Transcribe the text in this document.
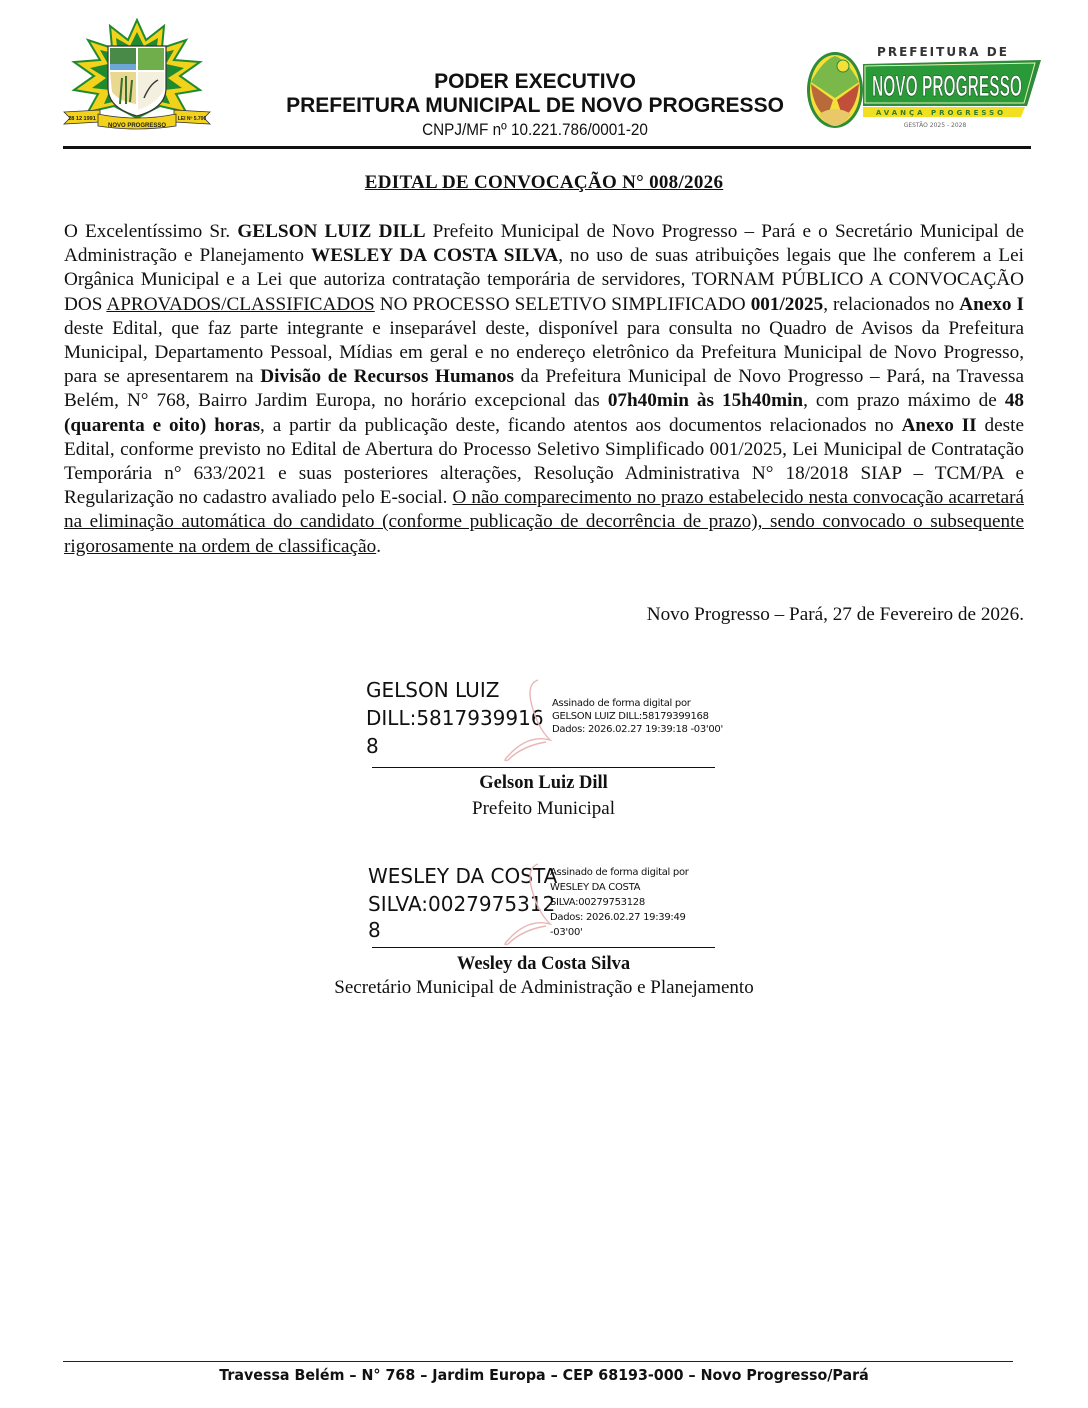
28 12 1991
NOVO PROGRESSO
LEI Nº 5.700
PODER EXECUTIVO
PREFEITURA MUNICIPAL DE NOVO PROGRESSO
CNPJ/MF nº 10.221.786/0001-20
PREFEITURA DE
NOVO PROGRESSO
AVANÇA PROGRESSO
GESTÃO 2025 - 2028
EDITAL DE CONVOCAÇÃO N° 008/2026
O Excelentíssimo Sr. GELSON LUIZ DILL Prefeito Municipal de Novo Progresso – Pará e o Secretário Municipal de Administração e Planejamento WESLEY DA COSTA SILVA, no uso de suas atribuições legais que lhe conferem a Lei Orgânica Municipal e a Lei que autoriza contratação temporária de servidores, TORNAM PÚBLICO A CONVOCAÇÃO DOS APROVADOS/CLASSIFICADOS NO PROCESSO SELETIVO SIMPLIFICADO 001/2025, relacionados no Anexo I deste Edital, que faz parte integrante e inseparável deste, disponível para consulta no Quadro de Avisos da Prefeitura Municipal, Departamento Pessoal, Mídias em geral e no endereço eletrônico da Prefeitura Municipal de Novo Progresso, para se apresentarem na Divisão de Recursos Humanos da Prefeitura Municipal de Novo Progresso – Pará, na Travessa Belém, N° 768, Bairro Jardim Europa, no horário excepcional das 07h40min às 15h40min, com prazo máximo de 48 (quarenta e oito) horas, a partir da publicação deste, ficando atentos aos documentos relacionados no Anexo II deste Edital, conforme previsto no Edital de Abertura do Processo Seletivo Simplificado 001/2025, Lei Municipal de Contratação Temporária n° 633/2021 e suas posteriores alterações, Resolução Administrativa N° 18/2018 SIAP – TCM/PA e Regularização no cadastro avaliado pelo E-social. O não comparecimento no prazo estabelecido nesta convocação acarretará na eliminação automática do candidato (conforme publicação de decorrência de prazo), sendo convocado o subsequente rigorosamente na ordem de classificação.
Novo Progresso – Pará, 27 de Fevereiro de 2026.
GELSON LUIZ
DILL:5817939916
8
Assinado de forma digital por
GELSON LUIZ DILL:58179399168
Dados: 2026.02.27 19:39:18 -03'00'
Gelson Luiz Dill
Prefeito Municipal
WESLEY DA COSTA
SILVA:0027975312
8
Assinado de forma digital por
WESLEY DA COSTA
SILVA:00279753128
Dados: 2026.02.27 19:39:49
-03'00'
Wesley da Costa Silva
Secretário Municipal de Administração e Planejamento
Travessa Belém – N° 768 – Jardim Europa – CEP 68193-000 – Novo Progresso/Pará
